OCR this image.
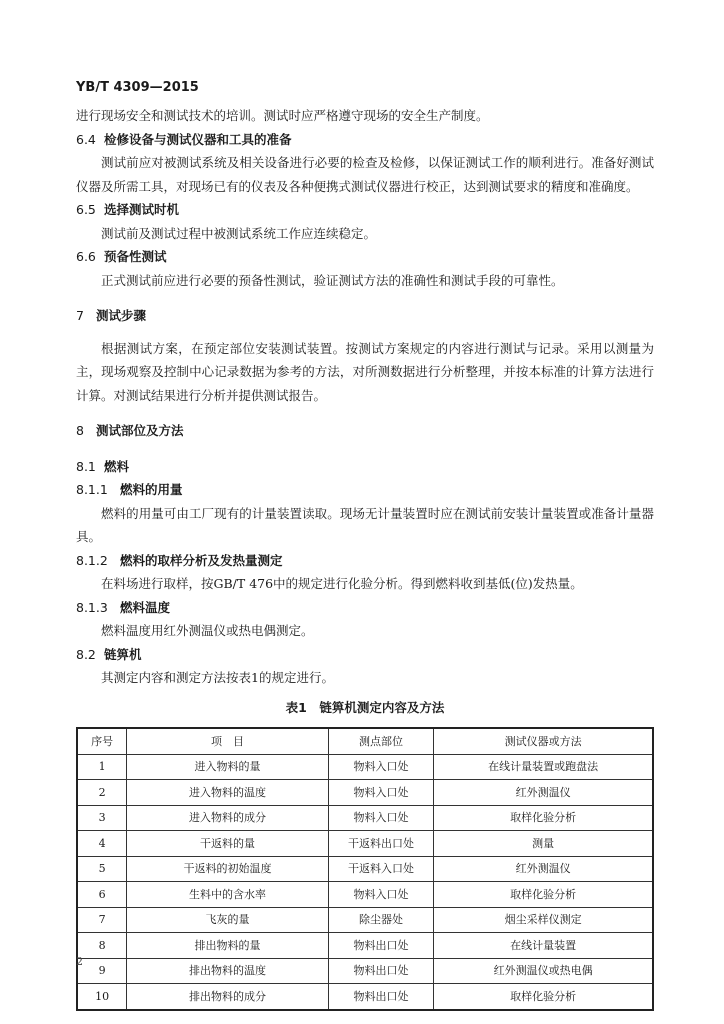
YB/T 4309—2015

进行现场安全和测试技术的培训。测试时应严格遵守现场的安全生产制度。

6.4 检修设备与测试仪器和工具的准备

测试前应对被测试系统及相关设备进行必要的检查及检修，以保证测试工作的顺利进行。准备好测试仪器及所需工具，对现场已有的仪表及各种便携式测试仪器进行校正，达到测试要求的精度和准确度。

6.5 选择测试时机

测试前及测试过程中被测试系统工作应连续稳定。

6.6 预备性测试

正式测试前应进行必要的预备性测试，验证测试方法的准确性和测试手段的可靠性。

7 测试步骤

根据测试方案，在预定部位安装测试装置。按测试方案规定的内容进行测试与记录。采用以测量为主，现场观察及控制中心记录数据为参考的方法，对所测数据进行分析整理，并按本标准的计算方法进行计算。对测试结果进行分析并提供测试报告。

8 测试部位及方法

8.1 燃料

8.1.1 燃料的用量

燃料的用量可由工厂现有的计量装置读取。现场无计量装置时应在测试前安装计量装置或准备计量器具。

8.1.2 燃料的取样分析及发热量测定

在料场进行取样，按GB/T 476中的规定进行化验分析。得到燃料收到基低(位)发热量。

8.1.3 燃料温度

燃料温度用红外测温仪或热电偶测定。

8.2 链箅机

其测定内容和测定方法按表1的规定进行。

表1　链箅机测定内容及方法
序号	项　目	测点部位	测试仪器或方法
1	进入物料的量	物料入口处	在线计量装置或跑盘法
2	进入物料的温度	物料入口处	红外测温仪
3	进入物料的成分	物料入口处	取样化验分析
4	干返料的量	干返料出口处	测量
5	干返料的初始温度	干返料入口处	红外测温仪
6	生料中的含水率	物料入口处	取样化验分析
7	飞灰的量	除尘器处	烟尘采样仪测定
8	排出物料的量	物料出口处	在线计量装置
9	排出物料的温度	物料出口处	红外测温仪或热电偶
10	排出物料的成分	物料出口处	取样化验分析
2
